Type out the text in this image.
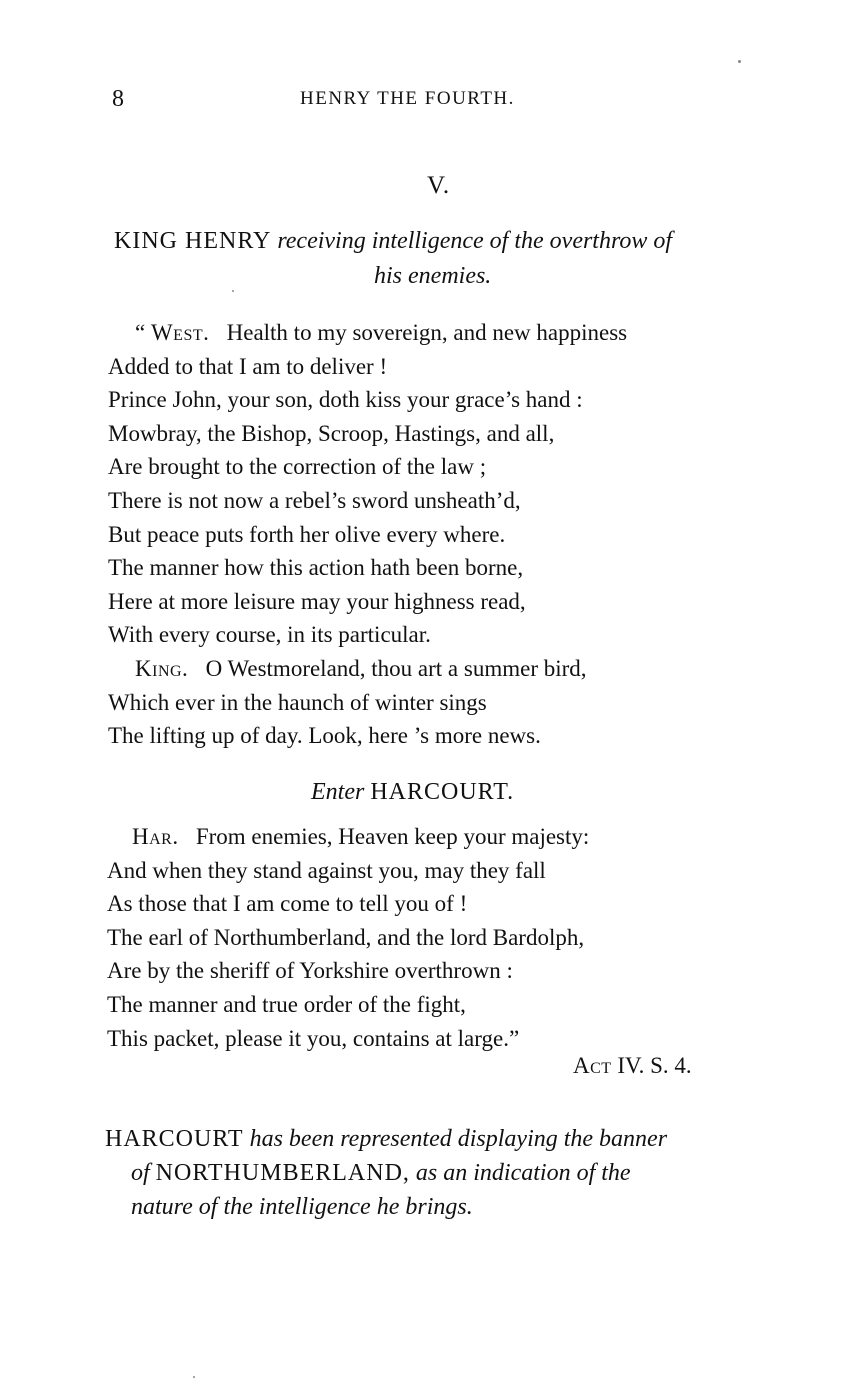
8	HENRY THE FOURTH.
V.
KING HENRY receiving intelligence of the overthrow of
his enemies.
“ West. Health to my sovereign, and new happiness
Added to that I am to deliver !
Prince John, your son, doth kiss your grace’s hand :
Mowbray, the Bishop, Scroop, Hastings, and all,
Are brought to the correction of the law ;
There is not now a rebel’s sword unsheath’d,
But peace puts forth her olive every where.
The manner how this action hath been borne,
Here at more leisure may your highness read,
With every course, in its particular.
King. O Westmoreland, thou art a summer bird,
Which ever in the haunch of winter sings
The lifting up of day. Look, here ’s more news.
Enter HARCOURT.
Har. From enemies, Heaven keep your majesty:
And when they stand against you, may they fall
As those that I am come to tell you of !
The earl of Northumberland, and the lord Bardolph,
Are by the sheriff of Yorkshire overthrown :
The manner and true order of the fight,
This packet, please it you, contains at large.”
Act IV. S. 4.
HARCOURT has been represented displaying the banner
of NORTHUMBERLAND, as an indication of the
nature of the intelligence he brings.
